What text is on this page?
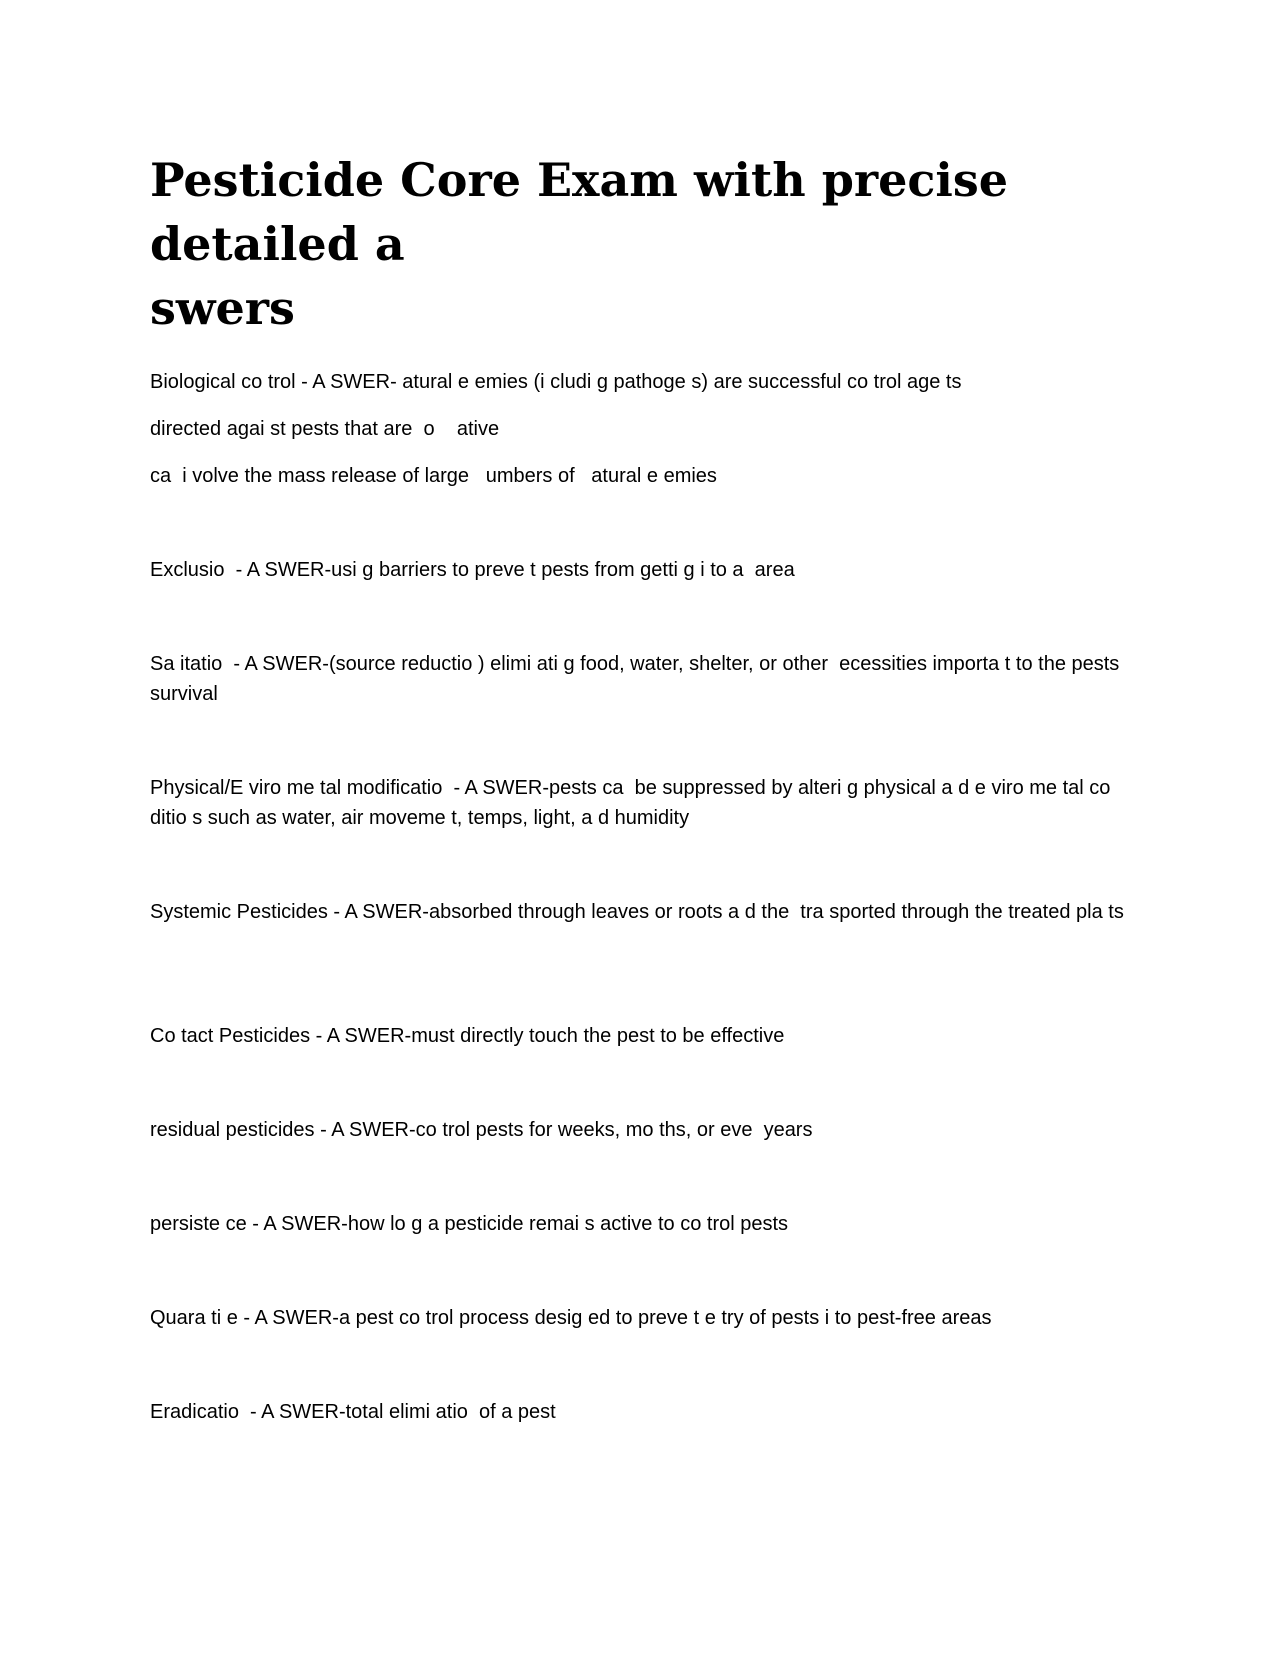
Pesticide Core Exam with precise detailed a
swers

Biological co trol - A SWER- atural e emies (i cludi g pathoge s) are successful co trol age ts

directed agai st pests that are  o    ative

ca  i volve the mass release of large   umbers of   atural e emies

Exclusio  - A SWER-usi g barriers to preve t pests from getti g i to a  area

Sa itatio  - A SWER-(source reductio ) elimi ati g food, water, shelter, or other  ecessities importa t to the pests survival

Physical/E viro me tal modificatio  - A SWER-pests ca  be suppressed by alteri g physical a d e viro me tal co ditio s such as water, air moveme t, temps, light, a d humidity

Systemic Pesticides - A SWER-absorbed through leaves or roots a d the  tra sported through the treated pla ts

Co tact Pesticides - A SWER-must directly touch the pest to be effective

residual pesticides - A SWER-co trol pests for weeks, mo ths, or eve  years

persiste ce - A SWER-how lo g a pesticide remai s active to co trol pests

Quara ti e - A SWER-a pest co trol process desig ed to preve t e try of pests i to pest-free areas

Eradicatio  - A SWER-total elimi atio  of a pest
